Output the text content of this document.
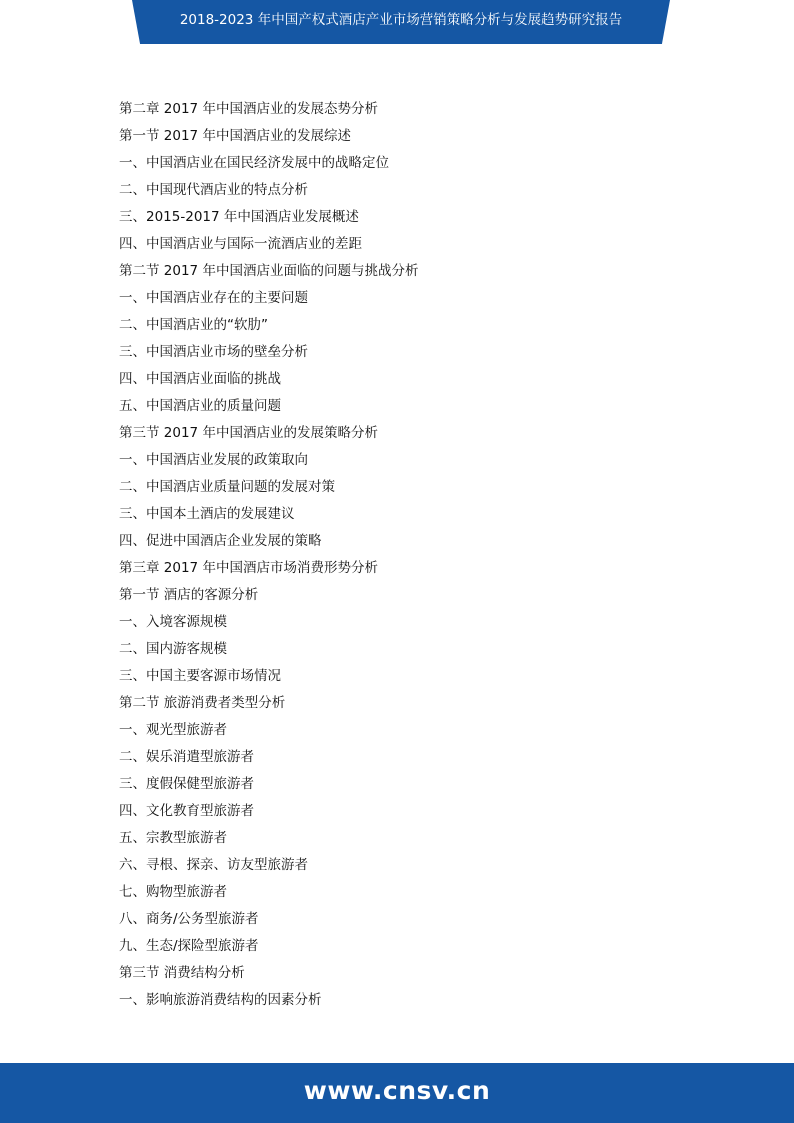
2018-2023 年中国产权式酒店产业市场营销策略分析与发展趋势研究报告
第二章 2017 年中国酒店业的发展态势分析
第一节 2017 年中国酒店业的发展综述
一、中国酒店业在国民经济发展中的战略定位
二、中国现代酒店业的特点分析
三、2015-2017 年中国酒店业发展概述
四、中国酒店业与国际一流酒店业的差距
第二节 2017 年中国酒店业面临的问题与挑战分析
一、中国酒店业存在的主要问题
二、中国酒店业的“软肋”
三、中国酒店业市场的壁垒分析
四、中国酒店业面临的挑战
五、中国酒店业的质量问题
第三节 2017 年中国酒店业的发展策略分析
一、中国酒店业发展的政策取向
二、中国酒店业质量问题的发展对策
三、中国本土酒店的发展建议
四、促进中国酒店企业发展的策略
第三章 2017 年中国酒店市场消费形势分析
第一节 酒店的客源分析
一、入境客源规模
二、国内游客规模
三、中国主要客源市场情况
第二节 旅游消费者类型分析
一、观光型旅游者
二、娱乐消遣型旅游者
三、度假保健型旅游者
四、文化教育型旅游者
五、宗教型旅游者
六、寻根、探亲、访友型旅游者
七、购物型旅游者
八、商务/公务型旅游者
九、生态/探险型旅游者
第三节 消费结构分析
一、影响旅游消费结构的因素分析
www.cnsv.cn
